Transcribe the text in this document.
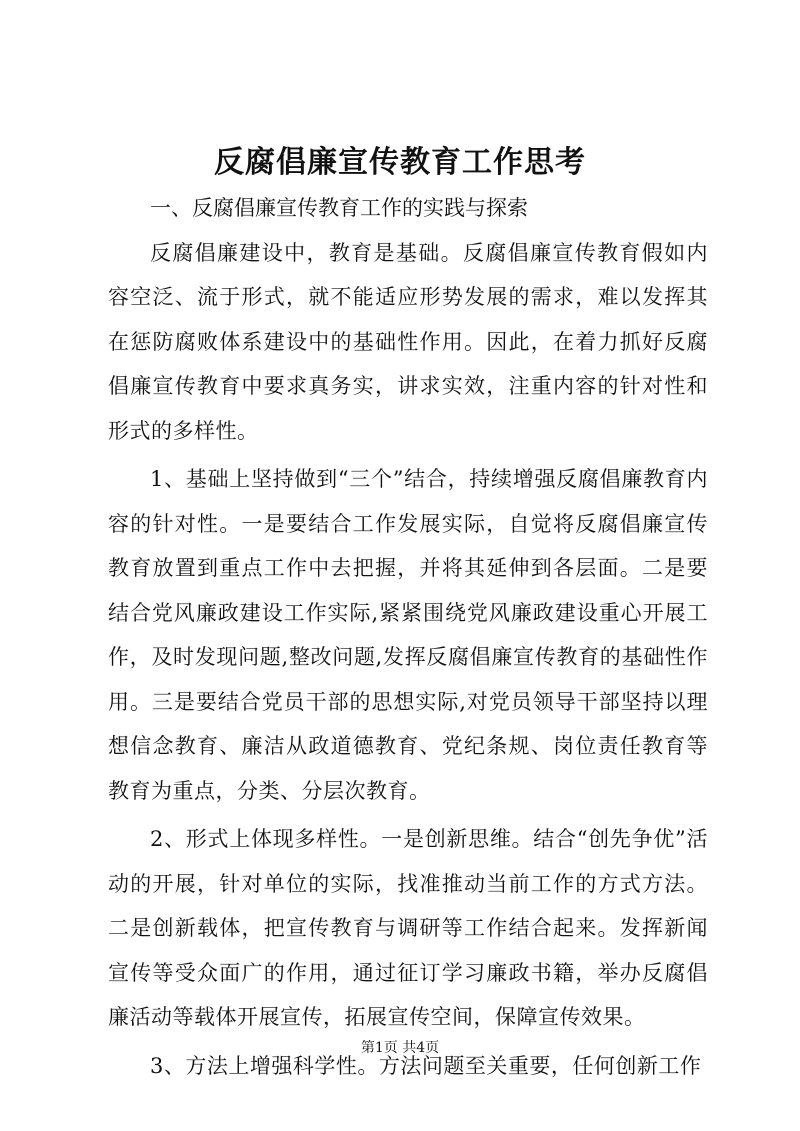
反腐倡廉宣传教育工作思考

一、反腐倡廉宣传教育工作的实践与探索

反腐倡廉建设中，教育是基础。反腐倡廉宣传教育假如内容空泛、流于形式，就不能适应形势发展的需求，难以发挥其在惩防腐败体系建设中的基础性作用。因此，在着力抓好反腐倡廉宣传教育中要求真务实，讲求实效，注重内容的针对性和形式的多样性。

1、基础上坚持做到“三个”结合，持续增强反腐倡廉教育内容的针对性。一是要结合工作发展实际，自觉将反腐倡廉宣传教育放置到重点工作中去把握，并将其延伸到各层面。二是要结合党风廉政建设工作实际,紧紧围绕党风廉政建设重心开展工作，及时发现问题,整改问题,发挥反腐倡廉宣传教育的基础性作用。三是要结合党员干部的思想实际,对党员领导干部坚持以理想信念教育、廉洁从政道德教育、党纪条规、岗位责任教育等教育为重点，分类、分层次教育。

2、形式上体现多样性。一是创新思维。结合“创先争优”活动的开展，针对单位的实际，找准推动当前工作的方式方法。二是创新载体，把宣传教育与调研等工作结合起来。发挥新闻宣传等受众面广的作用，通过征订学习廉政书籍，举办反腐倡廉活动等载体开展宣传，拓展宣传空间，保障宣传效果。

3、方法上增强科学性。方法问题至关重要，任何创新工作

第1页 共4页
